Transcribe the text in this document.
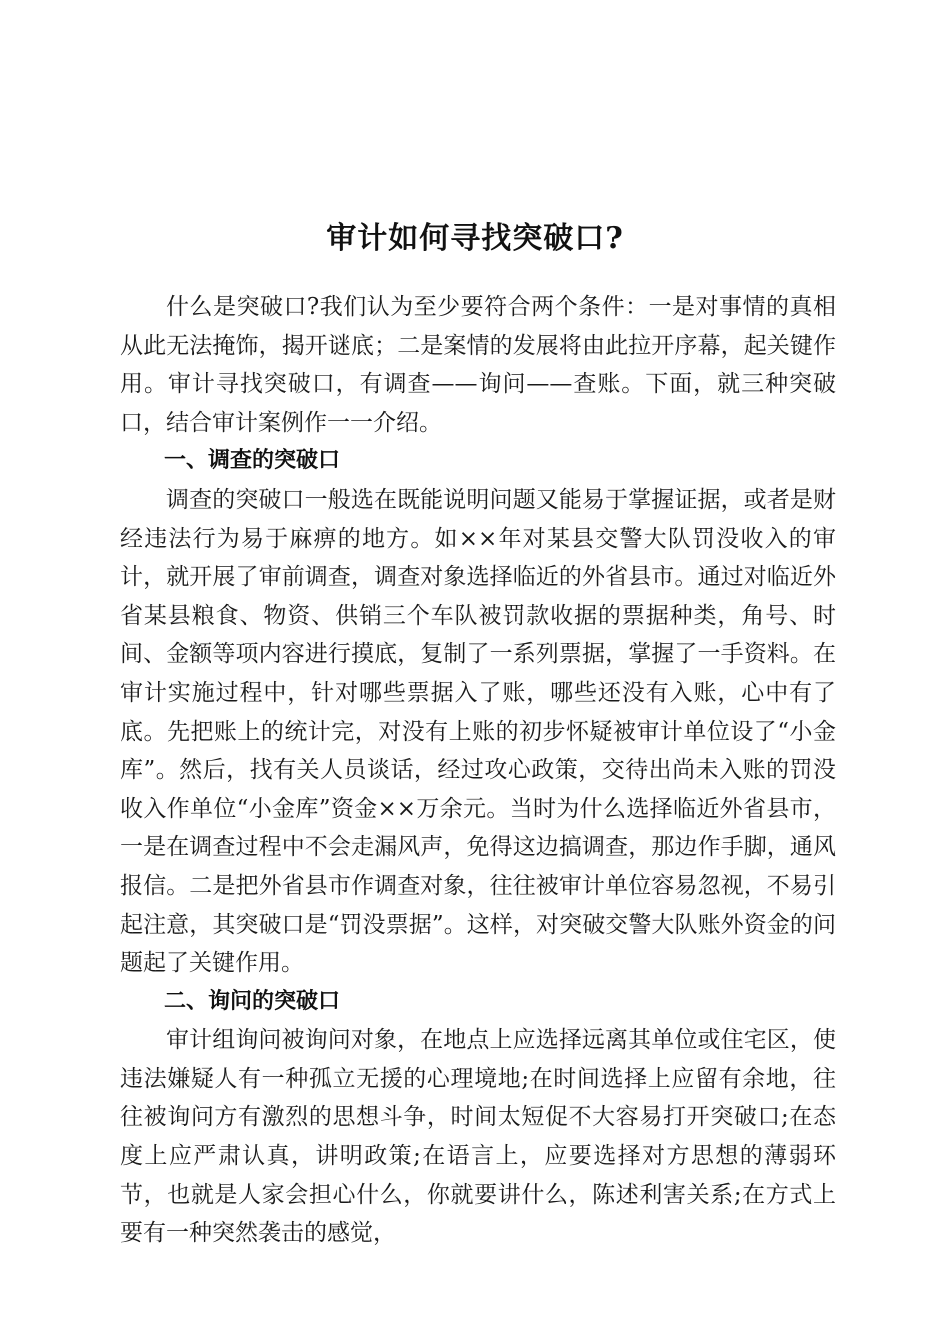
审计如何寻找突破口?

什么是突破口?我们认为至少要符合两个条件：一是对事情的真相从此无法掩饰，揭开谜底；二是案情的发展将由此拉开序幕，起关键作用。审计寻找突破口，有调查——询问——查账。下面，就三种突破口，结合审计案例作一一介绍。

一、调查的突破口

调查的突破口一般选在既能说明问题又能易于掌握证据，或者是财经违法行为易于麻痹的地方。如××年对某县交警大队罚没收入的审计，就开展了审前调查，调查对象选择临近的外省县市。通过对临近外省某县粮食、物资、供销三个车队被罚款收据的票据种类，角号、时间、金额等项内容进行摸底，复制了一系列票据，掌握了一手资料。在审计实施过程中，针对哪些票据入了账，哪些还没有入账，心中有了底。先把账上的统计完，对没有上账的初步怀疑被审计单位设了“小金库”。然后，找有关人员谈话，经过攻心政策，交待出尚未入账的罚没收入作单位“小金库”资金××万余元。当时为什么选择临近外省县市，一是在调查过程中不会走漏风声，免得这边搞调查，那边作手脚，通风报信。二是把外省县市作调查对象，往往被审计单位容易忽视，不易引起注意，其突破口是“罚没票据”。这样，对突破交警大队账外资金的问题起了关键作用。

二、询问的突破口

审计组询问被询问对象，在地点上应选择远离其单位或住宅区，使违法嫌疑人有一种孤立无援的心理境地;在时间选择上应留有余地，往往被询问方有激烈的思想斗争，时间太短促不大容易打开突破口;在态度上应严肃认真，讲明政策;在语言上，应要选择对方思想的薄弱环节，也就是人家会担心什么，你就要讲什么，陈述利害关系;在方式上要有一种突然袭击的感觉，
